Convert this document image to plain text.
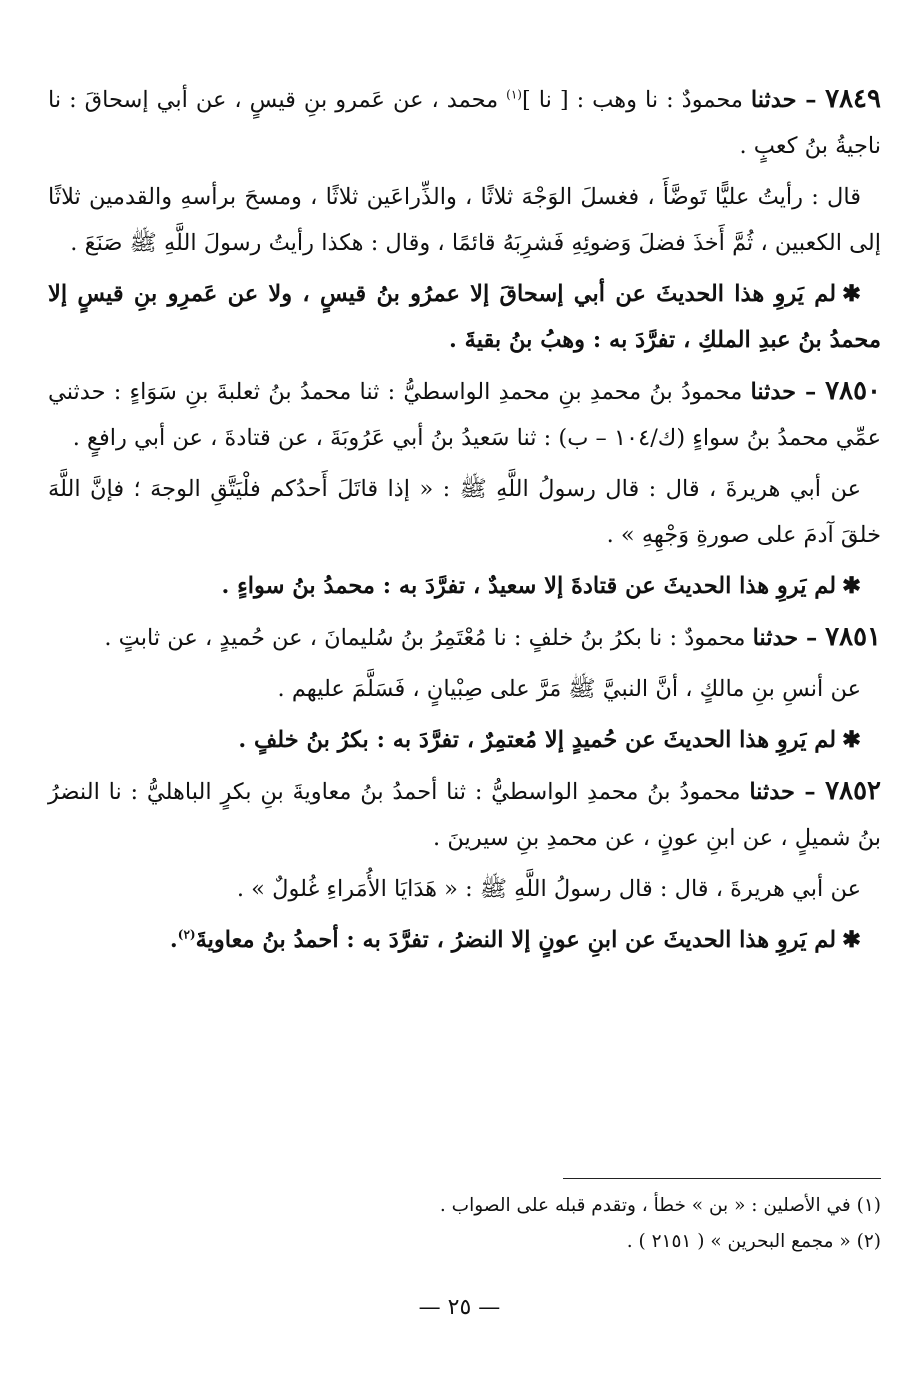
٧٨٤٩ – حدثنا محمودٌ : نا وهب : [ نا ]$^{(١)}$ محمد ، عن عَمرو بنِ قيسٍ ، عن أبي إسحاقَ : نا ناجيةُ بنُ كعبٍ .

قال : رأيتُ عليًّا تَوضَّأَ ، فغسلَ الوَجْهَ ثلاثًا ، والذِّراعَين ثلاثًا ، ومسحَ برأسهِ والقدمين ثلاثًا إلى الكعبين ، ثُمَّ أَخذَ فضلَ وَضوئِهِ فَشرِبَهُ قائمًا ، وقال : هكذا رأيتُ رسولَ اللَّهِ ﷺ صَنَعَ .

✱لم يَروِ هذا الحديثَ عن أبي إسحاقَ إلا عمرُو بنُ قيسٍ ، ولا عن عَمرِو بنِ قيسٍ إلا محمدُ بنُ عبدِ الملكِ ، تفرَّدَ به : وهبُ بنُ بقيةَ .

٧٨٥٠ – حدثنا محمودُ بنُ محمدِ بنِ محمدِ الواسطيُّ : ثنا محمدُ بنُ ثعلبةَ بنِ سَوَاءٍ : حدثني عمِّي محمدُ بنُ سواءٍ (ك/١٠٤ – ب) : ثنا سَعيدُ بنُ أبي عَرُوبَةَ ، عن قتادةَ ، عن أبي رافعٍ .

عن أبي هريرةَ ، قال : قال رسولُ اللَّهِ ﷺ : « إذا قاتَلَ أَحدُكم فلْيَتَّقِ الوجهَ ؛ فإنَّ اللَّهَ خلقَ آدمَ على صورةِ وَجْهِهِ » .

✱لم يَروِ هذا الحديثَ عن قتادةَ إلا سعيدٌ ، تفرَّدَ به : محمدُ بنُ سواءٍ .

٧٨٥١ – حدثنا محمودٌ : نا بكرُ بنُ خلفٍ : نا مُعْتَمِرُ بنُ سُليمانَ ، عن حُميدٍ ، عن ثابتٍ .

عن أنسِ بنِ مالكٍ ، أنَّ النبيَّ ﷺ مَرَّ على صِبْيانٍ ، فَسَلَّمَ عليهم .

✱لم يَروِ هذا الحديثَ عن حُميدٍ إلا مُعتمِرٌ ، تفرَّدَ به : بكرُ بنُ خلفٍ .

٧٨٥٢ – حدثنا محمودُ بنُ محمدِ الواسطيُّ : ثنا أحمدُ بنُ معاويةَ بنِ بكرٍ الباهليُّ : نا النضرُ بنُ شميلٍ ، عن ابنِ عونٍ ، عن محمدِ بنِ سيرينَ .

عن أبي هريرةَ ، قال : قال رسولُ اللَّهِ ﷺ : « هَدَايَا الأُمَراءِ غُلولٌ » .

✱لم يَروِ هذا الحديثَ عن ابنِ عونٍ إلا النضرُ ، تفرَّدَ به : أحمدُ بنُ معاويةَ$^{(٢)}$.

(١) في الأصلين : « بن » خطأ ، وتقدم قبله على الصواب .

(٢) « مجمع البحرين » ( ٢١٥١ ) .

— ٢٥ —
